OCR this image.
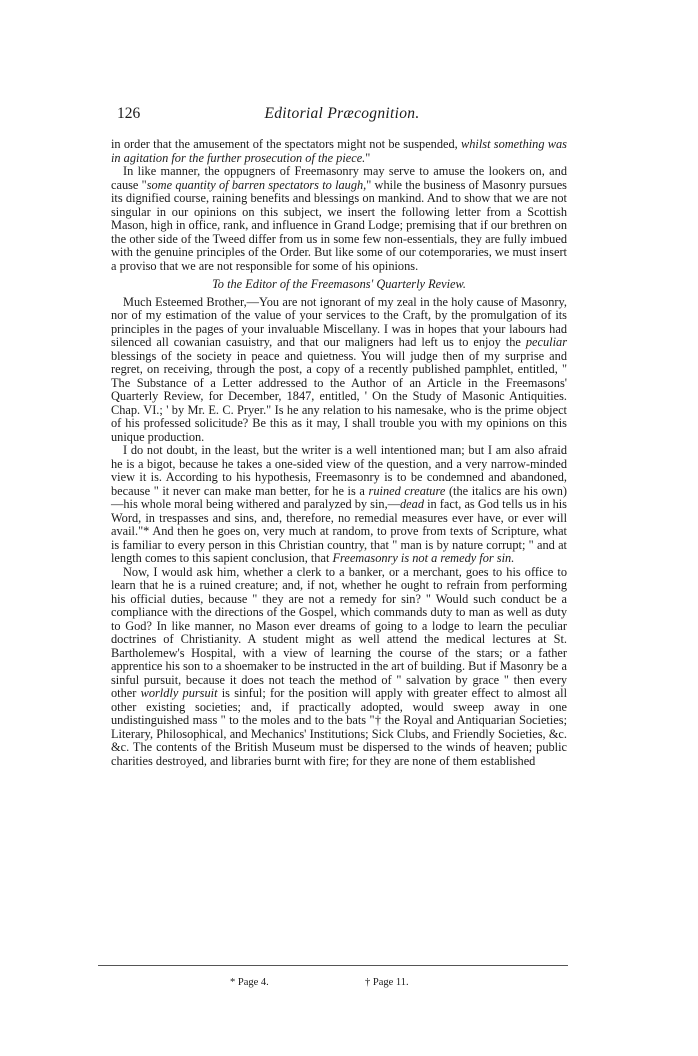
126	Editorial Præcognition.

in order that the amusement of the spectators might not be suspended, whilst something was in agitation for the further prosecution of the piece."

In like manner, the oppugners of Freemasonry may serve to amuse the lookers on, and cause "some quantity of barren spectators to laugh," while the business of Masonry pursues its dignified course, raining benefits and blessings on mankind. And to show that we are not singular in our opinions on this subject, we insert the following letter from a Scottish Mason, high in office, rank, and influence in Grand Lodge; premising that if our brethren on the other side of the Tweed differ from us in some few non-essentials, they are fully imbued with the genuine principles of the Order. But like some of our cotemporaries, we must insert a proviso that we are not responsible for some of his opinions.

To the Editor of the Freemasons' Quarterly Review.

Much Esteemed Brother,—You are not ignorant of my zeal in the holy cause of Masonry, nor of my estimation of the value of your services to the Craft, by the promulgation of its principles in the pages of your invaluable Miscellany. I was in hopes that your labours had silenced all cowanian casuistry, and that our maligners had left us to enjoy the peculiar blessings of the society in peace and quietness. You will judge then of my surprise and regret, on receiving, through the post, a copy of a recently published pamphlet, entitled, " The Substance of a Letter addressed to the Author of an Article in the Freemasons' Quarterly Review, for December, 1847, entitled, ' On the Study of Masonic Antiquities. Chap. VI.; ' by Mr. E. C. Pryer." Is he any relation to his namesake, who is the prime object of his professed solicitude? Be this as it may, I shall trouble you with my opinions on this unique production.

I do not doubt, in the least, but the writer is a well intentioned man; but I am also afraid he is a bigot, because he takes a one-sided view of the question, and a very narrow-minded view it is. According to his hypothesis, Freemasonry is to be condemned and abandoned, because " it never can make man better, for he is a ruined creature (the italics are his own)—his whole moral being withered and paralyzed by sin,—dead in fact, as God tells us in his Word, in trespasses and sins, and, therefore, no remedial measures ever have, or ever will avail."* And then he goes on, very much at random, to prove from texts of Scripture, what is familiar to every person in this Christian country, that " man is by nature corrupt; " and at length comes to this sapient conclusion, that Freemasonry is not a remedy for sin.

Now, I would ask him, whether a clerk to a banker, or a merchant, goes to his office to learn that he is a ruined creature; and, if not, whether he ought to refrain from performing his official duties, because " they are not a remedy for sin? " Would such conduct be a compliance with the directions of the Gospel, which commands duty to man as well as duty to God? In like manner, no Mason ever dreams of going to a lodge to learn the peculiar doctrines of Christianity. A student might as well attend the medical lectures at St. Bartholemew's Hospital, with a view of learning the course of the stars; or a father apprentice his son to a shoemaker to be instructed in the art of building. But if Masonry be a sinful pursuit, because it does not teach the method of " salvation by grace " then every other worldly pursuit is sinful; for the position will apply with greater effect to almost all other existing societies; and, if practically adopted, would sweep away in one undistinguished mass " to the moles and to the bats "† the Royal and Antiquarian Societies; Literary, Philosophical, and Mechanics' Institutions; Sick Clubs, and Friendly Societies, &c. &c. The contents of the British Museum must be dispersed to the winds of heaven; public charities destroyed, and libraries burnt with fire; for they are none of them established

* Page 4.	† Page 11.
